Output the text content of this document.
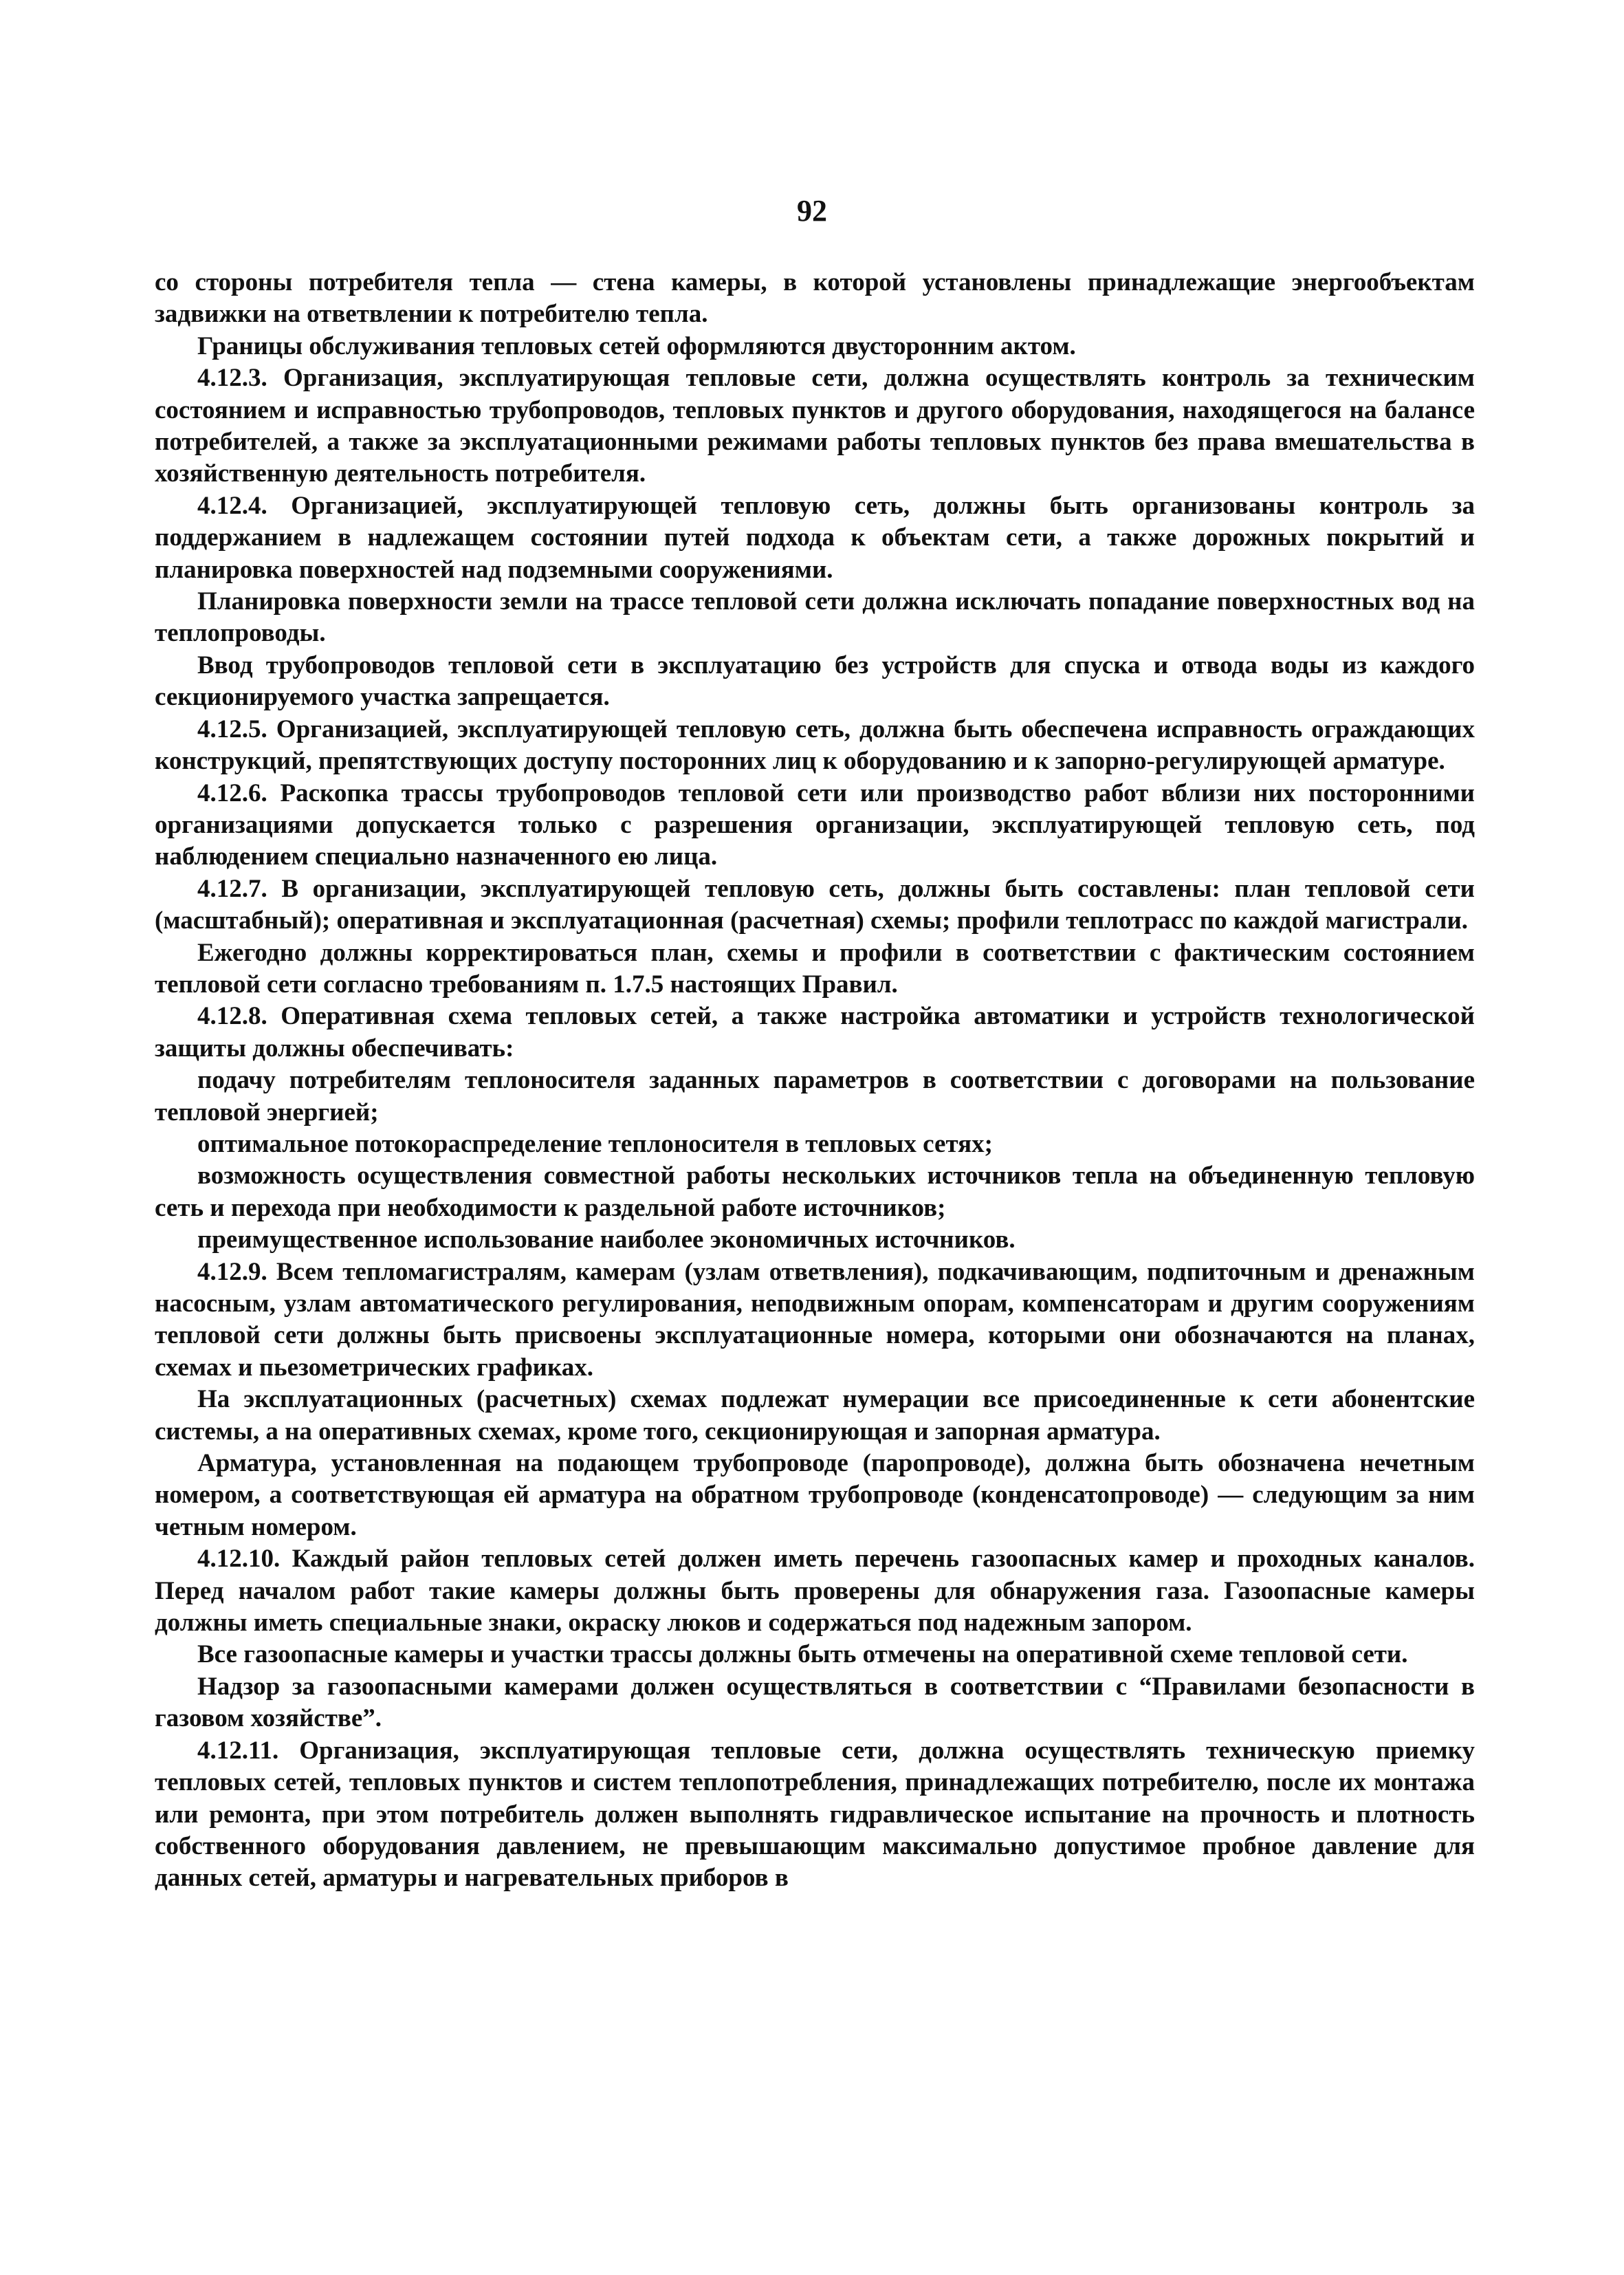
92

со стороны потребителя тепла — стена камеры, в которой установлены принадлежащие энергообъектам задвижки на ответвлении к потребителю тепла.

Границы обслуживания тепловых сетей оформляются двусторонним актом.

4.12.3. Организация, эксплуатирующая тепловые сети, должна осуществлять контроль за техническим состоянием и исправностью трубопроводов, тепловых пунктов и другого оборудования, находящегося на балансе потребителей, а также за эксплуатационными режимами работы тепловых пунктов без права вмешательства в хозяйственную деятельность потребителя.

4.12.4. Организацией, эксплуатирующей тепловую сеть, должны быть организованы контроль за поддержанием в надлежащем состоянии путей подхода к объектам сети, а также дорожных покрытий и планировка поверхностей над подземными сооружениями.

Планировка поверхности земли на трассе тепловой сети должна исключать попадание поверхностных вод на теплопроводы.

Ввод трубопроводов тепловой сети в эксплуатацию без устройств для спуска и отвода воды из каждого секционируемого участка запрещается.

4.12.5. Организацией, эксплуатирующей тепловую сеть, должна быть обеспечена исправность ограждающих конструкций, препятствующих доступу посторонних лиц к оборудованию и к запорно-регулирующей арматуре.

4.12.6. Раскопка трассы трубопроводов тепловой сети или производство работ вблизи них посторонними организациями допускается только с разрешения организации, эксплуатирующей тепловую сеть, под наблюдением специально назначенного ею лица.

4.12.7. В организации, эксплуатирующей тепловую сеть, должны быть составлены: план тепловой сети (масштабный); оперативная и эксплуатационная (расчетная) схемы; профили теплотрасс по каждой магистрали.

Ежегодно должны корректироваться план, схемы и профили в соответствии с фактическим состоянием тепловой сети согласно требованиям п. 1.7.5 настоящих Правил.

4.12.8. Оперативная схема тепловых сетей, а также настройка автоматики и устройств технологической защиты должны обеспечивать:

подачу потребителям теплоносителя заданных параметров в соответствии с договорами на пользование тепловой энергией;

оптимальное потокораспределение теплоносителя в тепловых сетях;

возможность осуществления совместной работы нескольких источников тепла на объединенную тепловую сеть и перехода при необходимости к раздельной работе источников;

преимущественное использование наиболее экономичных источников.

4.12.9. Всем тепломагистралям, камерам (узлам ответвления), подкачивающим, подпиточным и дренажным насосным, узлам автоматического регулирования, неподвижным опорам, компенсаторам и другим сооружениям тепловой сети должны быть присвоены эксплуатационные номера, которыми они обозначаются на планах, схемах и пьезометрических графиках.

На эксплуатационных (расчетных) схемах подлежат нумерации все присоединенные к сети абонентские системы, а на оперативных схемах, кроме того, секционирующая и запорная арматура.

Арматура, установленная на подающем трубопроводе (паропроводе), должна быть обозначена нечетным номером, а соответствующая ей арматура на обратном трубопроводе (конденсатопроводе) — следующим за ним четным номером.

4.12.10. Каждый район тепловых сетей должен иметь перечень газоопасных камер и проходных каналов. Перед началом работ такие камеры должны быть проверены для обнаружения газа. Газоопасные камеры должны иметь специальные знаки, окраску люков и содержаться под надежным запором.

Все газоопасные камеры и участки трассы должны быть отмечены на оперативной схеме тепловой сети.

Надзор за газоопасными камерами должен осуществляться в соответствии с “Правилами безопасности в газовом хозяйстве”.

4.12.11. Организация, эксплуатирующая тепловые сети, должна осуществлять техническую приемку тепловых сетей, тепловых пунктов и систем теплопотребления, принадлежащих потребителю, после их монтажа или ремонта, при этом потребитель должен выполнять гидравлическое испытание на прочность и плотность собственного оборудования давлением, не превышающим максимально допустимое пробное давление для данных сетей, арматуры и нагревательных приборов в
